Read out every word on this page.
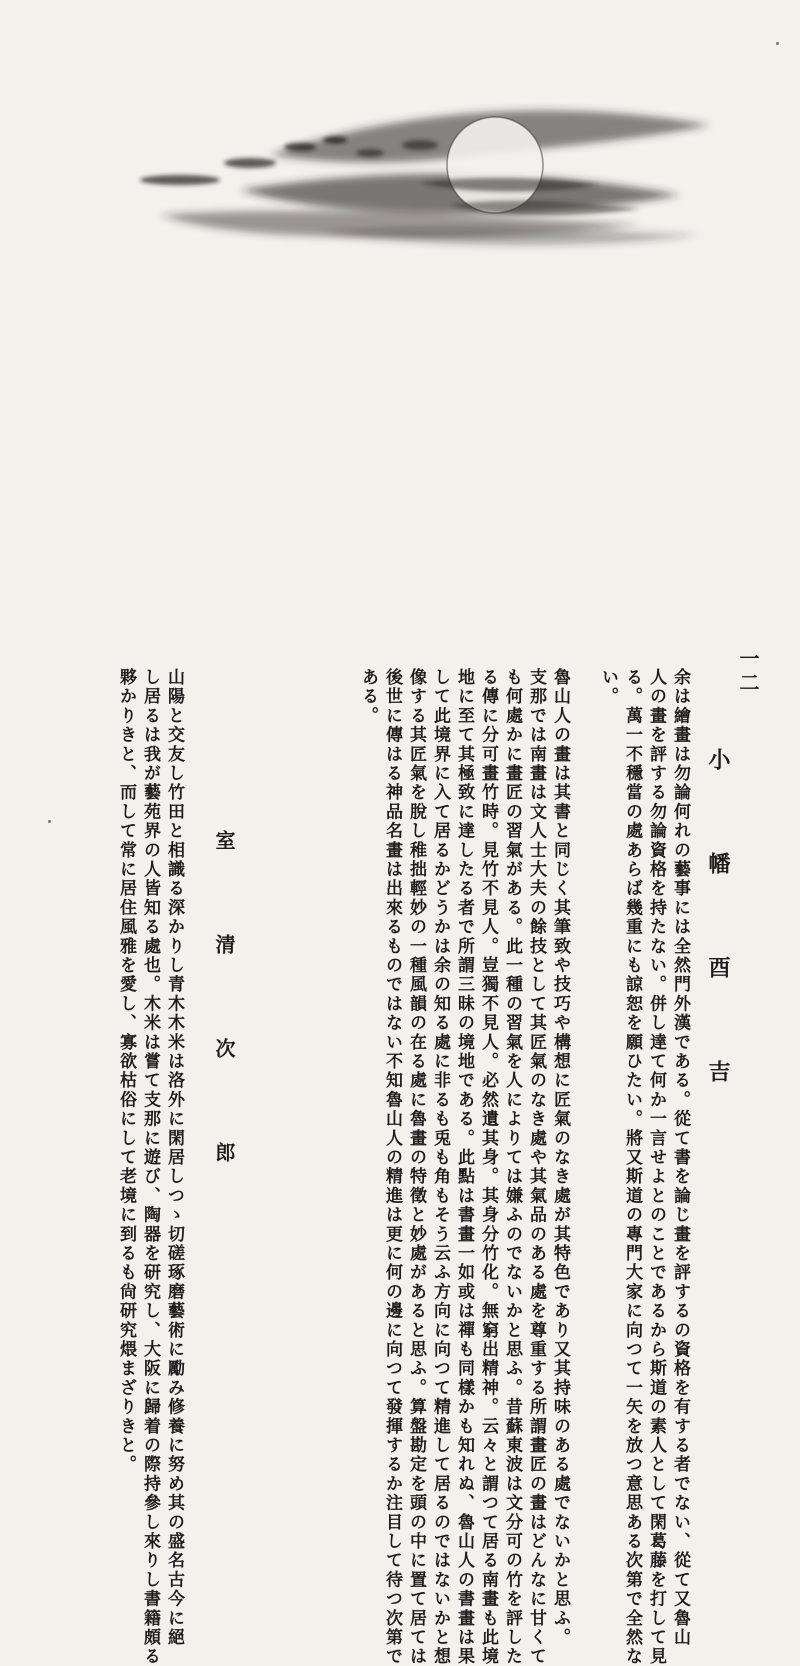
一二
小 幡 酉 吉
余は繪畫は勿論何れの藝事には全然門外漢である。從て書を論じ畫を評するの資格を有する者でない、從て又魯山
人の畫を評する勿論資格を持たない。併し達て何か一言せよとのことであるから斯道の素人として閑葛藤を打して見
る。萬一不穩當の處あらば幾重にも諒恕を願ひたい。將又斯道の專門大家に向つて一矢を放つ意思ある次第で全然な
い。
魯山人の畫は其書と同じく其筆致や技巧や構想に匠氣のなき處が其特色であり又其持味のある處でないかと思ふ。
支那では南畫は文人士大夫の餘技として其匠氣のなき處や其氣品のある處を尊重する所謂畫匠の畫はどんなに甘くて
も何處かに畫匠の習氣がある。此一種の習氣を人によりては嫌ふのでないかと思ふ。昔蘇東波は文分可の竹を評した
る傳に分可畫竹時。見竹不見人。豈獨不見人。必然遺其身。其身分竹化。無窮出精神。云々と謂つて居る南畫も此境
地に至て其極致に達したる者で所謂三昧の境地である。此點は書畫一如或は禪も同樣かも知れぬ、魯山人の書畫は果
して此境界に入て居るかどうかは余の知る處に非るも兎も角もそう云ふ方向に向つて精進して居るのではないかと想
像する其匠氣を脫し稚拙輕妙の一種風韻の在る處に魯畫の特徵と妙處があると思ふ。算盤勘定を頭の中に置て居ては
後世に傳はる神品名畫は出來るものではない不知魯山人の精進は更に何の邊に向つて發揮するか注目して待つ次第で
ある。
室 清 次 郎
山陽と交友し竹田と相識る深かりし青木木米は洛外に閑居しつゝ切磋琢磨藝術に勵み修養に努め其の盛名古今に絕
し居るは我が藝苑界の人皆知る處也。木米は嘗て支那に遊び、陶器を研究し、大阪に歸着の際持參し來りし書籍頗る
夥かりきと、而して常に居住風雅を愛し、寡欲枯俗にして老境に到るも尙研究煨まざりきと。
